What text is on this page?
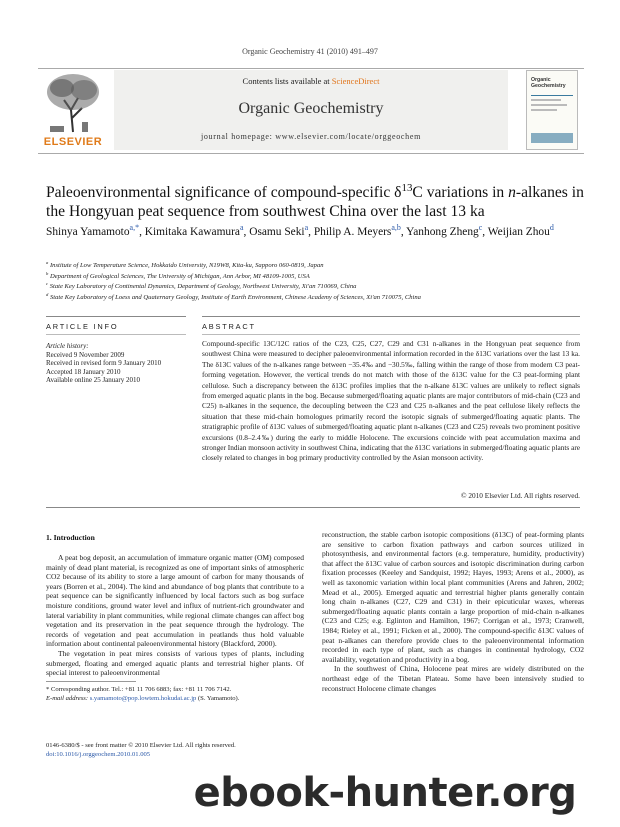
Organic Geochemistry 41 (2010) 491–497
ELSEVIER
Contents lists available at ScienceDirect
Organic Geochemistry
journal homepage: www.elsevier.com/locate/orggeochem
Organic Geochemistry
Paleoenvironmental significance of compound-specific $\delta^{13}C$ variations in n-alkanes in the Hongyuan peat sequence from southwest China over the last 13 ka
Shinya Yamamoto$^{a,*}$, Kimitaka Kawamura$^a$, Osamu Seki$^a$, Philip A. Meyers$^{a,b}$, Yanhong Zheng$^c$, Weijian Zhou$^d$
$^a$ Institute of Low Temperature Science, Hokkaido University, N19W8, Kita-ku, Sapporo 060-0819, Japan
$^b$ Department of Geological Sciences, The University of Michigan, Ann Arbor, MI 48109-1005, USA
$^c$ State Key Laboratory of Continental Dynamics, Department of Geology, Northwest University, Xi'an 710069, China
$^d$ State Key Laboratory of Loess and Quaternary Geology, Institute of Earth Environment, Chinese Academy of Sciences, Xi'an 710075, China
ARTICLE INFO	ABSTRACT
Article history:
Received 9 November 2009
Received in revised form 9 January 2010
Accepted 18 January 2010
Available online 25 January 2010
Compound-specific 13C/12C ratios of the C23, C25, C27, C29 and C31 n-alkanes in the Hongyuan peat sequence from southwest China were measured to decipher paleoenvironmental information recorded in the δ13C variations over the last 13 ka. The δ13C values of the n-alkanes range between −35.4‰ and −30.5‰, falling within the range of those from modern C3 peat-forming vegetation. However, the vertical trends do not match with those of the δ13C value for the C3 peat-forming plant cellulose. Such a discrepancy between the δ13C profiles implies that the n-alkane δ13C values are unlikely to reflect signals from emerged aquatic plants in the bog. Because submerged/floating aquatic plants are major contributors of mid-chain (C23 and C25) n-alkanes in the sequence, the decoupling between the C23 and C25 n-alkanes and the peat cellulose likely reflects the situation that these mid-chain homologues primarily record the isotopic signals of submerged/floating aquatic plants. The stratigraphic profile of δ13C values of submerged/floating aquatic plant n-alkanes (C23 and C25) reveals two prominent positive excursions (0.8–2.4‰) during the early to middle Holocene. The excursions coincide with peat accumulation maxima and stronger Indian monsoon activity in southwest China, indicating that the δ13C variations in submerged/floating aquatic plants are closely related to changes in bog primary productivity controlled by the Asian monsoon activity.
© 2010 Elsevier Ltd. All rights reserved.
1. Introduction

A peat bog deposit, an accumulation of immature organic matter (OM) composed mainly of dead plant material, is recognized as one of important sinks of atmospheric CO2 because of its ability to store a large amount of carbon for many thousands of years (Borren et al., 2004). The kind and abundance of bog plants that contribute to a peat sequence can be significantly influenced by local factors such as bog surface moisture conditions, ground water level and influx of nutrient-rich groundwater and lateral variability in plant communities, while regional climate changes can affect bog vegetation and its preservation in the peat sequence through the hydrology. The records of vegetation and peat accumulation in peatlands thus hold valuable information about continental paleoenvironmental history (Blackford, 2000).

The vegetation in peat mires consists of various types of plants, including submerged, floating and emerged aquatic plants and terrestrial higher plants. Of special interest to paleoenvironmental

reconstruction, the stable carbon isotopic compositions (δ13C) of peat-forming plants are sensitive to carbon fixation pathways and carbon sources utilized in photosynthesis, and environmental factors (e.g. temperature, humidity, productivity) that affect the δ13C value of carbon sources and isotopic discrimination during carbon fixation processes (Keeley and Sandquist, 1992; Hayes, 1993; Arens et al., 2000), as well as taxonomic variation within local plant communities (Arens and Jahren, 2002; Mead et al., 2005). Emerged aquatic and terrestrial higher plants generally contain long chain n-alkanes (C27, C29 and C31) in their epicuticular waxes, whereas submerged/floating aquatic plants contain a large proportion of mid-chain n-alkanes (C23 and C25; e.g. Eglinton and Hamilton, 1967; Corrigan et al., 1973; Cranwell, 1984; Rieley et al., 1991; Ficken et al., 2000). The compound-specific δ13C values of peat n-alkanes can therefore provide clues to the paleoenvironmental information recorded in each type of plant, such as changes in continental hydrology, CO2 availability, vegetation and productivity in a bog.

In the southwest of China, Holocene peat mires are widely distributed on the northeast edge of the Tibetan Plateau. Some have been intensively studied to reconstruct Holocene climate changes

* Corresponding author. Tel.: +81 11 706 6883; fax: +81 11 706 7142.
E-mail address: s.yamamoto@pop.lowtem.hokudai.ac.jp (S. Yamamoto).
0146-6380/$ - see front matter © 2010 Elsevier Ltd. All rights reserved.
doi:10.1016/j.orggeochem.2010.01.005
ebook-hunter.org
